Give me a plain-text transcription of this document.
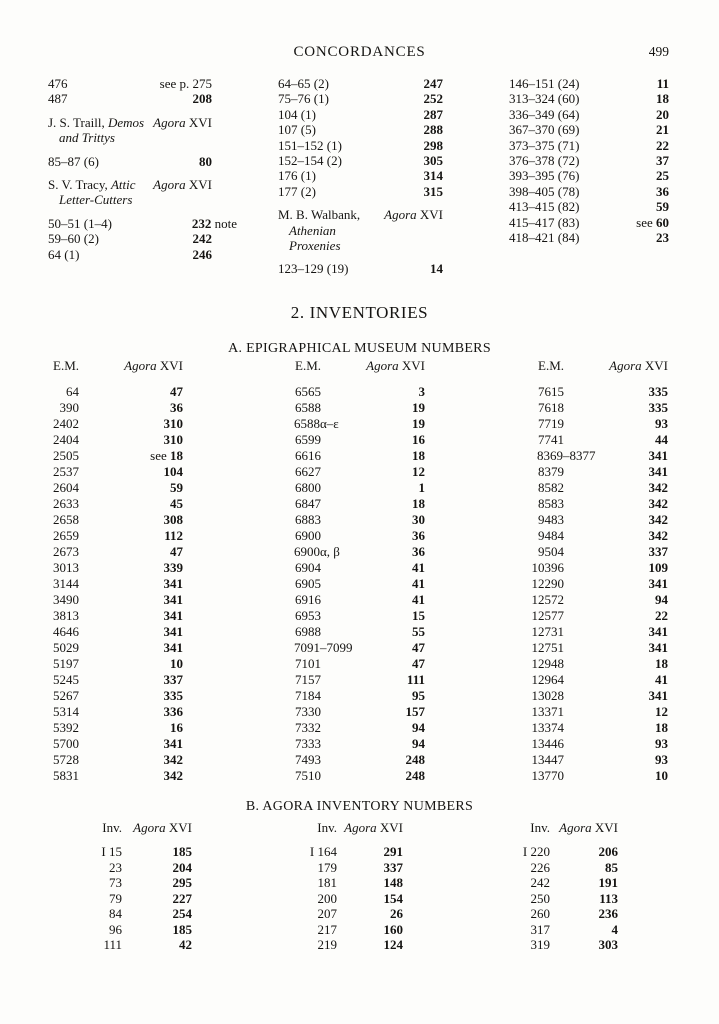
CONCORDANCES	499
476	see p. 275
487	208
J. S. Traill, Demos
and Trittys
Agora XVI
85–87 (6)	80
S. V. Tracy, Attic
Letter-Cutters
Agora XVI
50–51 (1–4)	232 note
59–60 (2)	242
64 (1)	246
64–65 (2)	247
75–76 (1)	252
104 (1)	287
107 (5)	288
151–152 (1)	298
152–154 (2)	305
176 (1)	314
177 (2)	315
M. B. Walbank,
Athenian Proxenies
Agora XVI
123–129 (19)	14
146–151 (24)	11
313–324 (60)	18
336–349 (64)	20
367–370 (69)	21
373–375 (71)	22
376–378 (72)	37
393–395 (76)	25
398–405 (78)	36
413–415 (82)	59
415–417 (83)	see 60
418–421 (84)	23
2. INVENTORIES
A. EPIGRAPHICAL MUSEUM NUMBERS
E.M.	Agora XVI
64	47
390	36
2402	310
2404	310
2505	see 18
2537	104
2604	59
2633	45
2658	308
2659	112
2673	47
3013	339
3144	341
3490	341
3813	341
4646	341
5029	341
5197	10
5245	337
5267	335
5314	336
5392	16
5700	341
5728	342
5831	342
E.M.	Agora XVI
6565	3
6588	19
6588α–ε	19
6599	16
6616	18
6627	12
6800	1
6847	18
6883	30
6900	36
6900α, β	36
6904	41
6905	41
6916	41
6953	15
6988	55
7091–7099	47
7101	47
7157	111
7184	95
7330	157
7332	94
7333	94
7493	248
7510	248
E.M.	Agora XVI
7615	335
7618	335
7719	93
7741	44
8369–8377	341
8379	341
8582	342
8583	342
9483	342
9484	342
9504	337
10396	109
12290	341
12572	94
12577	22
12731	341
12751	341
12948	18
12964	41
13028	341
13371	12
13374	18
13446	93
13447	93
13770	10
B. AGORA INVENTORY NUMBERS
Inv. Agora XVI
I 15	185
23	204
73	295
79	227
84	254
96	185
111	42
Inv. Agora XVI
I 164	291
179	337
181	148
200	154
207	26
217	160
219	124
Inv. Agora XVI
I 220	206
226	85
242	191
250	113
260	236
317	4
319	303
